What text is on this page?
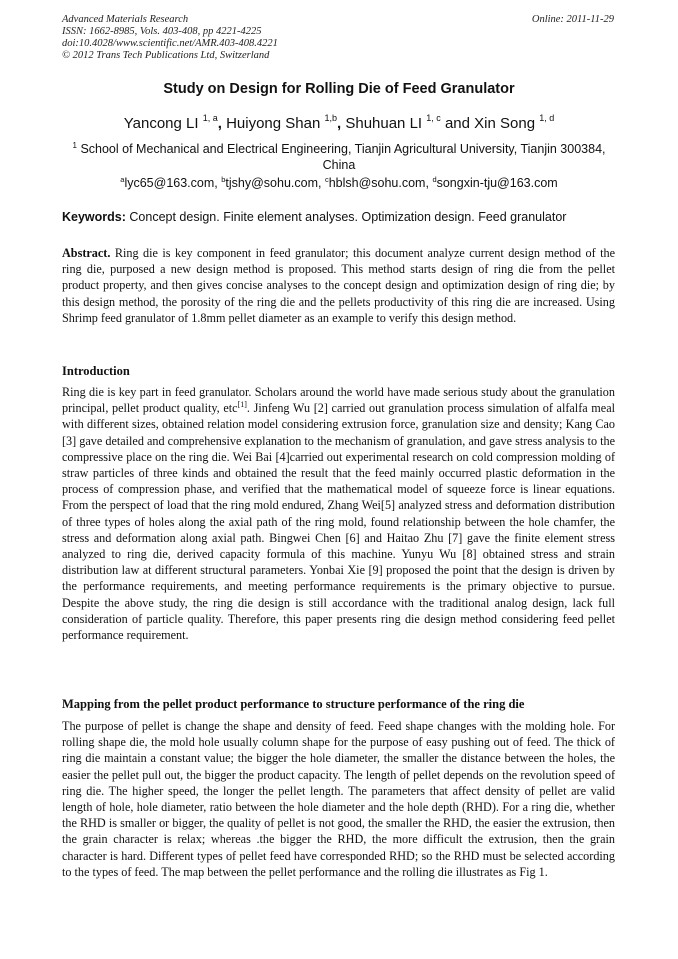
Advanced Materials Research
ISSN: 1662-8985, Vols. 403-408, pp 4221-4225
doi:10.4028/www.scientific.net/AMR.403-408.4221
© 2012 Trans Tech Publications Ltd, Switzerland
Online: 2011-11-29
Study on Design for Rolling Die of Feed Granulator
Yancong LI $^{1, a}$, Huiyong Shan $^{1,b}$, Shuhuan LI $^{1, c}$ and Xin Song $^{1, d}$
$^1$ School of Mechanical and Electrical Engineering, Tianjin Agricultural University, Tianjin 300384, China
$^a$lyc65@163.com, $^b$tjshy@sohu.com, $^c$hblsh@sohu.com, $^d$songxin-tju@163.com
Keywords: Concept design. Finite element analyses. Optimization design. Feed granulator
Abstract. Ring die is key component in feed granulator; this document analyze current design method of the ring die, purposed a new design method is proposed. This method starts design of ring die from the pellet product property, and then gives concise analyses to the concept design and optimization design of ring die; by this design method, the porosity of the ring die and the pellets productivity of this ring die are increased. Using Shrimp feed granulator of 1.8mm pellet diameter as an example to verify this design method.
Introduction
Ring die is key part in feed granulator. Scholars around the world have made serious study about the granulation principal, pellet product quality, etc[1]. Jinfeng Wu [2] carried out granulation process simulation of alfalfa meal with different sizes, obtained relation model considering extrusion force, granulation size and density; Kang Cao [3] gave detailed and comprehensive explanation to the mechanism of granulation, and gave stress analysis to the compressive place on the ring die. Wei Bai [4]carried out experimental research on cold compression molding of straw particles of three kinds and obtained the result that the feed mainly occurred plastic deformation in the process of compression phase, and verified that the mathematical model of squeeze force is linear equations. From the perspect of load that the ring mold endured, Zhang Wei[5] analyzed stress and deformation distribution of three types of holes along the axial path of the ring mold, found relationship between the hole chamfer, the stress and deformation along axial path. Bingwei Chen [6] and Haitao Zhu [7] gave the finite element stress analyzed to ring die, derived capacity formula of this machine. Yunyu Wu [8] obtained stress and strain distribution law at different structural parameters. Yonbai Xie [9] proposed the point that the design is driven by the performance requirements, and meeting performance requirements is the primary objective to pursue. Despite the above study, the ring die design is still accordance with the traditional analog design, lack full consideration of particle quality. Therefore, this paper presents ring die design method considering feed pellet performance requirement.
Mapping from the pellet product performance to structure performance of the ring die
The purpose of pellet is change the shape and density of feed. Feed shape changes with the molding hole. For rolling shape die, the mold hole usually column shape for the purpose of easy pushing out of feed. The thick of ring die maintain a constant value; the bigger the hole diameter, the smaller the distance between the holes, the easier the pellet pull out, the bigger the product capacity. The length of pellet depends on the revolution speed of ring die. The higher speed, the longer the pellet length. The parameters that affect density of pellet are valid length of hole, hole diameter, ratio between the hole diameter and the hole depth (RHD). For a ring die, whether the RHD is smaller or bigger, the quality of pellet is not good, the smaller the RHD, the easier the extrusion, then the grain character is relax; whereas .the bigger the RHD, the more difficult the extrusion, then the grain character is hard. Different types of pellet feed have corresponded RHD; so the RHD must be selected according to the types of feed. The map between the pellet performance and the rolling die illustrates as Fig 1.
